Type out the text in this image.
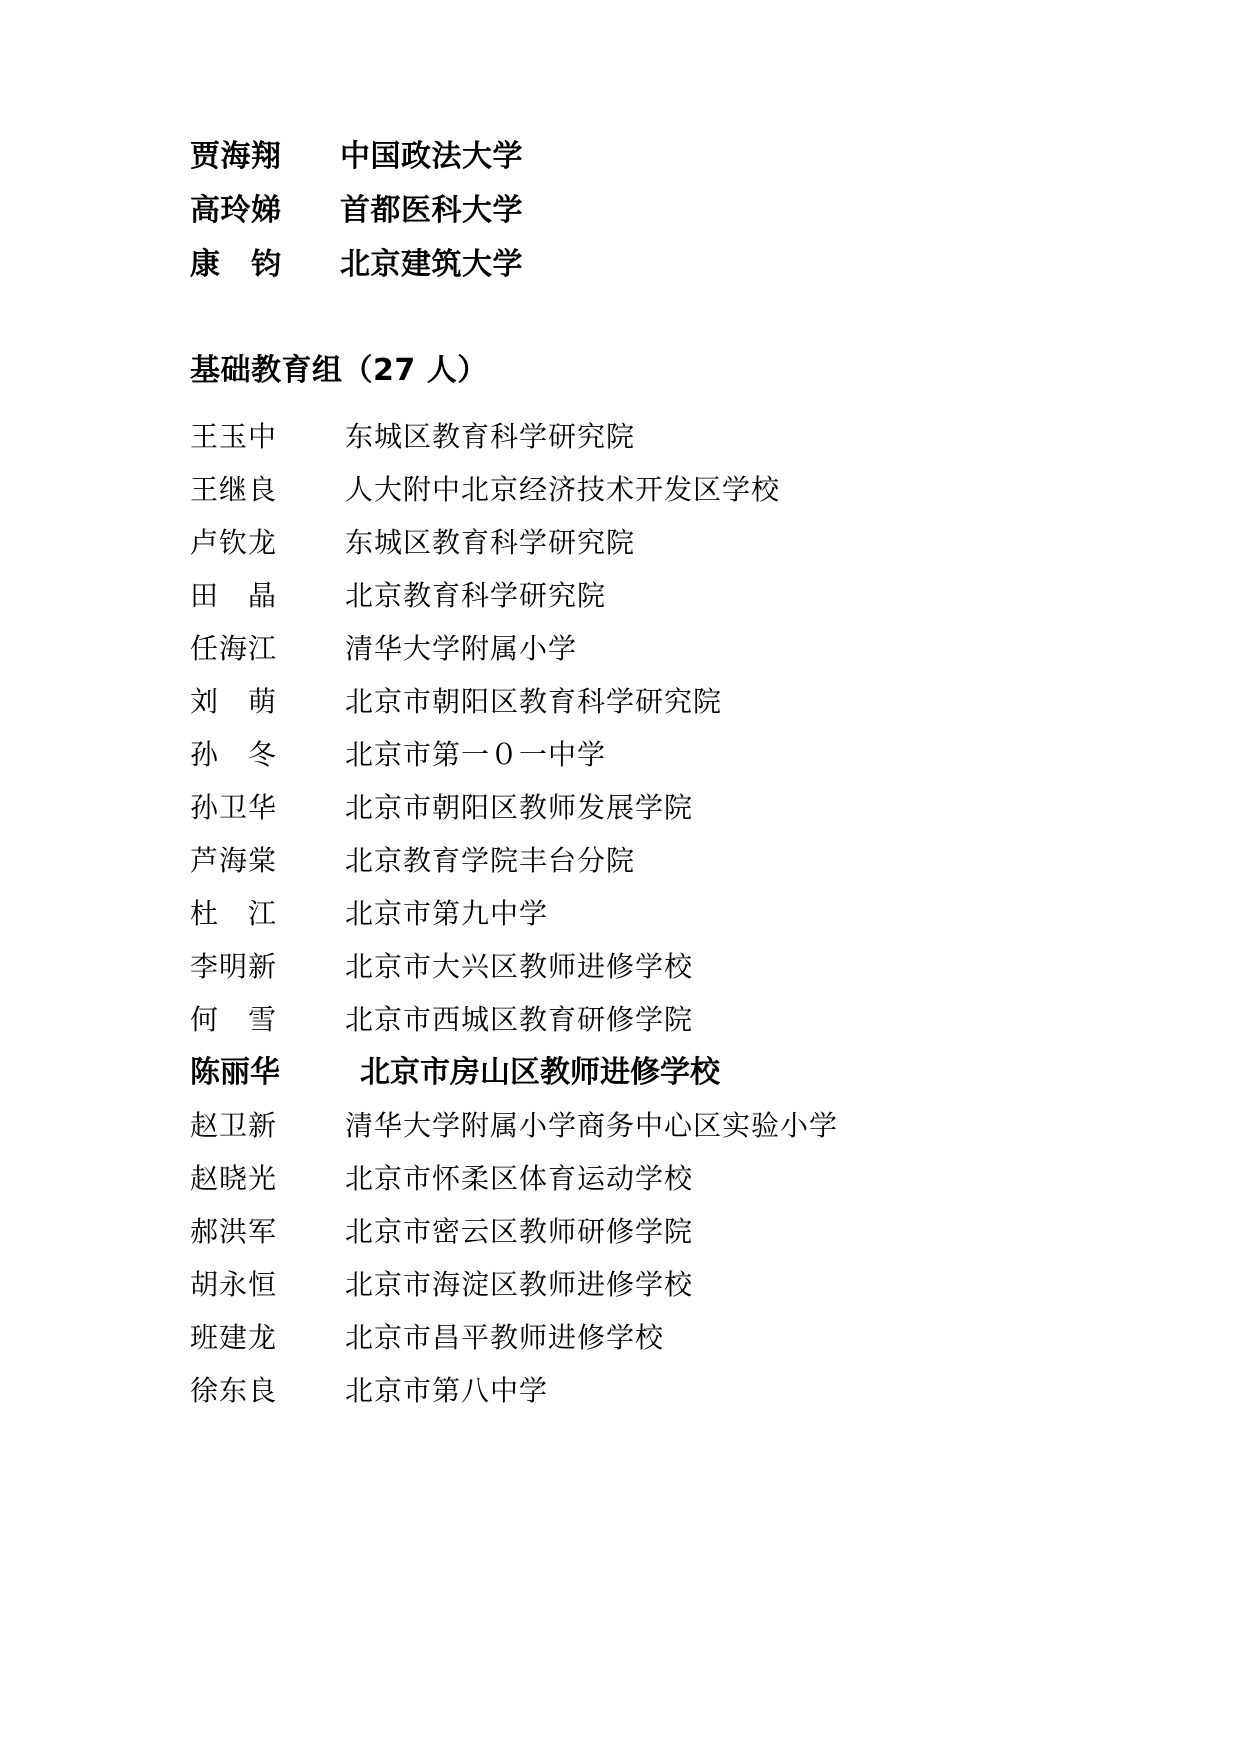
贾海翔	中国政法大学
高玲娣	首都医科大学
康　钧	北京建筑大学
基础教育组（27 人）
王玉中	东城区教育科学研究院
王继良	人大附中北京经济技术开发区学校
卢钦龙	东城区教育科学研究院
田　晶	北京教育科学研究院
任海江	清华大学附属小学
刘　萌	北京市朝阳区教育科学研究院
孙　冬	北京市第一０一中学
孙卫华	北京市朝阳区教师发展学院
芦海棠	北京教育学院丰台分院
杜　江	北京市第九中学
李明新	北京市大兴区教师进修学校
何　雪	北京市西城区教育研修学院
陈丽华	北京市房山区教师进修学校
赵卫新	清华大学附属小学商务中心区实验小学
赵晓光	北京市怀柔区体育运动学校
郝洪军	北京市密云区教师研修学院
胡永恒	北京市海淀区教师进修学校
班建龙	北京市昌平教师进修学校
徐东良	北京市第八中学
